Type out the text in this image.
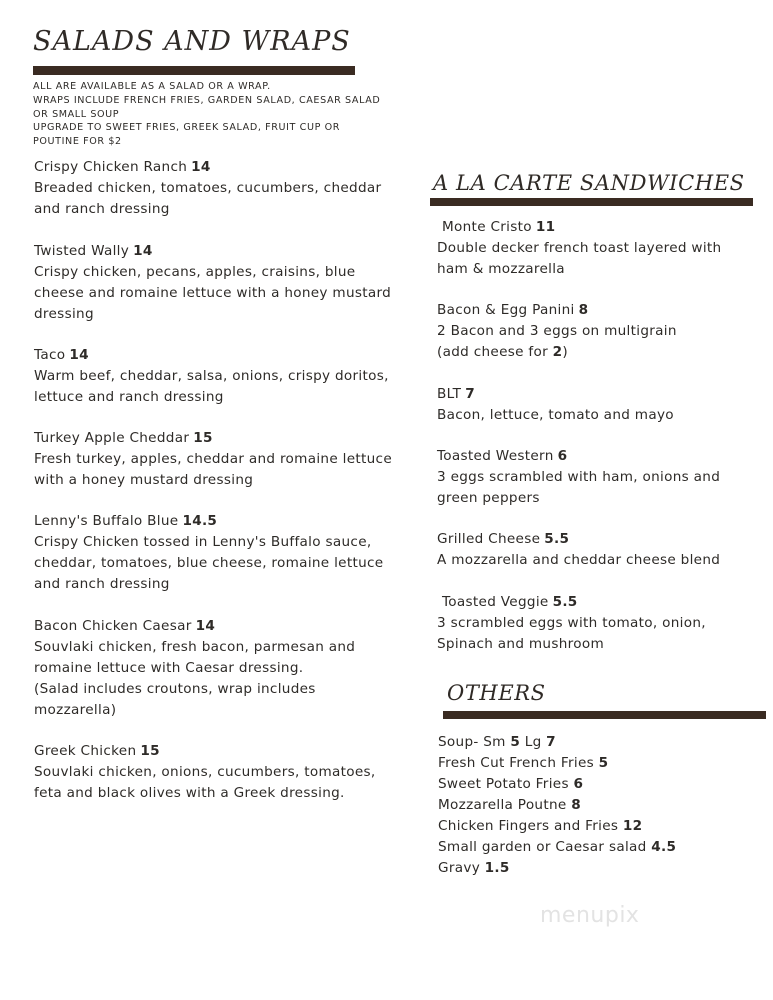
SALADS AND WRAPS
ALL ARE AVAILABLE AS A SALAD OR A WRAP.
WRAPS INCLUDE FRENCH FRIES, GARDEN SALAD, CAESAR SALAD
OR SMALL SOUP
UPGRADE TO SWEET FRIES, GREEK SALAD, FRUIT CUP OR
POUTINE FOR $2
Crispy Chicken Ranch 14
Breaded chicken, tomatoes, cucumbers, cheddar
and ranch dressing
Twisted Wally 14
Crispy chicken, pecans, apples, craisins, blue
cheese and romaine lettuce with a honey mustard
dressing
Taco 14
Warm beef, cheddar, salsa, onions, crispy doritos,
lettuce and ranch dressing
Turkey Apple Cheddar 15
Fresh turkey, apples, cheddar and romaine lettuce
with a honey mustard dressing
Lenny's Buffalo Blue 14.5
Crispy Chicken tossed in Lenny's Buffalo sauce,
cheddar, tomatoes, blue cheese, romaine lettuce
and ranch dressing
Bacon Chicken Caesar 14
Souvlaki chicken, fresh bacon, parmesan and
romaine lettuce with Caesar dressing.
(Salad includes croutons, wrap includes
mozzarella)
Greek Chicken 15
Souvlaki chicken, onions, cucumbers, tomatoes,
feta and black olives with a Greek dressing.
A LA CARTE SANDWICHES
Monte Cristo 11
Double decker french toast layered with
ham & mozzarella
Bacon & Egg Panini 8
2 Bacon and 3 eggs on multigrain
(add cheese for 2)
BLT 7
Bacon, lettuce, tomato and mayo
Toasted Western 6
3 eggs scrambled with ham, onions and
green peppers
Grilled Cheese 5.5
A mozzarella and cheddar cheese blend
Toasted Veggie 5.5
3 scrambled eggs with tomato, onion,
Spinach and mushroom
OTHERS
Soup- Sm 5 Lg 7
Fresh Cut French Fries 5
Sweet Potato Fries 6
Mozzarella Poutne 8
Chicken Fingers and Fries 12
Small garden or Caesar salad 4.5
Gravy 1.5
menupix
